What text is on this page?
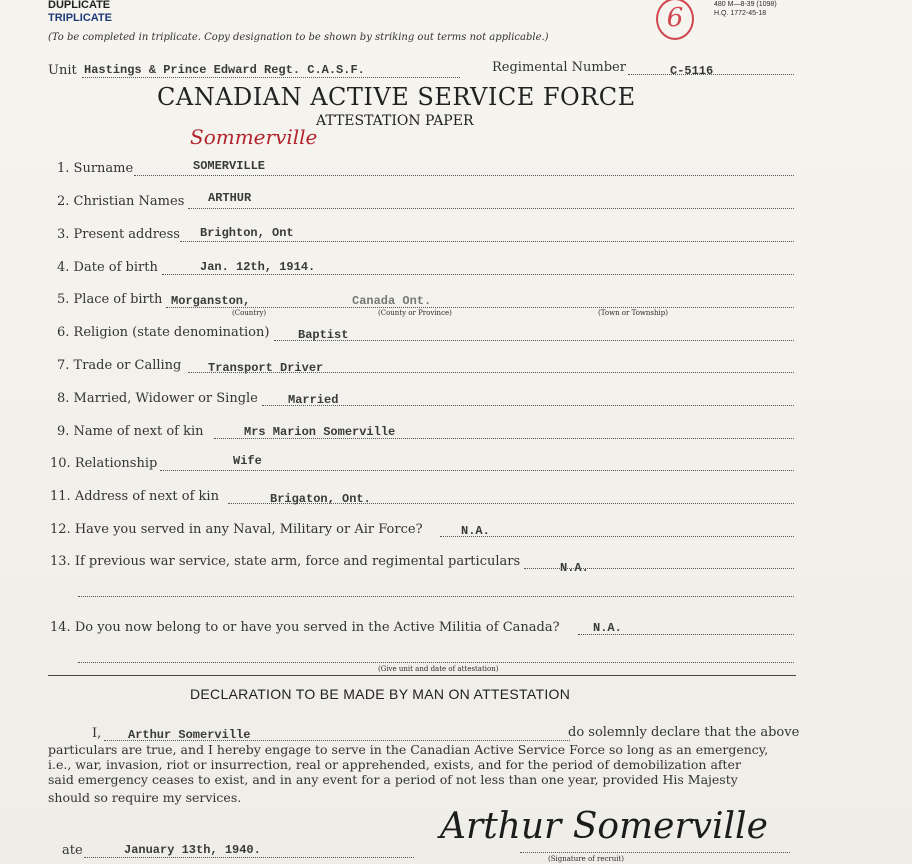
DUPLICATE
TRIPLICATE
(To be completed in triplicate. Copy designation to be shown by striking out terms not applicable.)
480 M—8-39 (1098)
H.Q. 1772-45-18
6
Unit Hastings & Prince Edward Regt. C.A.S.F.	Regimental Number	C-5116
CANADIAN ACTIVE SERVICE FORCE
ATTESTATION PAPER
Sommerville
1. Surname	SOMERVILLE
2. Christian Names ARTHUR
3. Present address Brighton, Ont
4. Date of birth	Jan. 12th, 1914.
5. Place of birth Morganston,	Canada Ont.
(Country)	(County or Province)	(Town or Township)
6. Religion (state denomination) Baptist
7. Trade or Calling Transport Driver
8. Married, Widower or Single	Married
9. Name of next of kin	Mrs Marion Somerville
10. Relationship	Wife
11. Address of next of kin	Brigaton, Ont.
12. Have you served in any Naval, Military or Air Force?	N.A.
13. If previous war service, state arm, force and regimental particulars	N.A.
14. Do you now belong to or have you served in the Active Militia of Canada?	N.A.
(Give unit and date of attestation)
DECLARATION TO BE MADE BY MAN ON ATTESTATION
I, Arthur Somerville	do solemnly declare that the above
particulars are true, and I hereby engage to serve in the Canadian Active Service Force so long as an emergency,
i.e., war, invasion, riot or insurrection, real or apprehended, exists, and for the period of demobilization after
said emergency ceases to exist, and in any event for a period of not less than one year, provided His Majesty
should so require my services.
ate	January 13th, 1940.
Arthur Somerville
(Signature of recruit)
